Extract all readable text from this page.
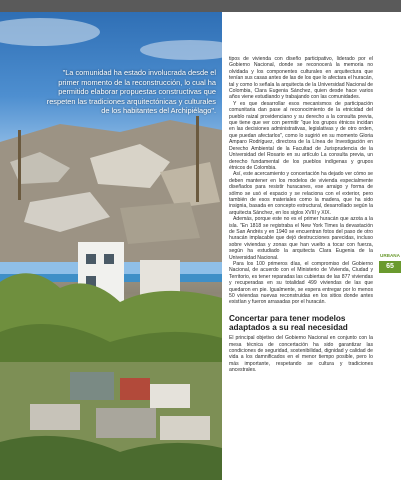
"La comunidad ha estado involucrada desde el primer momento de la reconstrucción, lo cual ha permitido elaborar propuestas constructivas que respeten las tradiciones arquitectónicas y culturales de los habitantes del Archipiélago".

tipos de vivienda con diseño participativo, liderado por el Gobierno Nacional, donde se reconocerá la memoria no olvidada y los componentes culturales en arquitectura que tenían sus casas antes de las de los que lo afectara el huracán, tal y como lo señala la arquitecta de la Universidad Nacional de Colombia, Clara Eugenia Sánchez, quien desde hace varios años viene estudiando y trabajando con las comunidades.

Y es que desarrollar esos mecanismos de participación comunitaria dan pase al reconocimiento de la etnicidad del pueblo raizal providenciano y su derecho a la consulta previa, que tiene que ver con permitir "que los grupos étnicos incidan en las decisiones administrativas, legislativas y de otro orden, que puedan afectarlos", como lo sugirió en su momento Gloria Amparo Rodríguez, directora de la Línea de Investigación en Derecho Ambiental de la Facultad de Jurisprudencia de la Universidad del Rosario en su artículo La consulta previa, un derecho fundamental de los pueblos indígenas y grupos étnicos de Colombia.

Así, este acercamiento y concertación ha dejado ver cómo se deben mantener en los modelos de vivienda especialmente diseñados para resistir huracanes, ese arraigo y forma de sólmo se usó el espacio y se relaciona con el exterior, pero también de esos materiales como la madera, que ha sido insignia, basada en concepto estructural, desarrollado según la arquitecta Sánchez, en los siglos XVIII y XIX.

Además, porque este no es el primer huracán que azota a la isla. "En 1818 se registraba el New York Times la devastación de San Andrés y en 1940 se encuentran fotos del paso de otro huracán implacable que dejó destrucciones parecidas, incluso sobre viviendas y zonas que han vuelto a tocar con fuerza, según ha estudiado la arquitecta Clara Eugenia de la Universidad Nacional.

Para los 100 primeros días, el compromiso del Gobierno Nacional, de acuerdo con el Ministerio de Vivienda, Ciudad y Territorio, es tener reparadas las cubiertas de las 877 viviendas y recuperadas en su totalidad 499 viviendas de las que quedaron en pie. Igualmente, se espera entregar por lo menos 50 viviendas nuevas reconstruidas en los sitios donde antes existían y fueron arrasadas por el huracán.

Concertar para tener modelos adaptados a su real necesidad

El principal objetivo del Gobierno Nacional en conjunto con la mesa técnica de concertación ha sido garantizar las condiciones de seguridad, sostenibilidad, dignidad y calidad de vida a los damnificados en el menor tiempo posible, pero lo más importante, respetando se cultura y tradiciones ancestrales.

URBANA
65
